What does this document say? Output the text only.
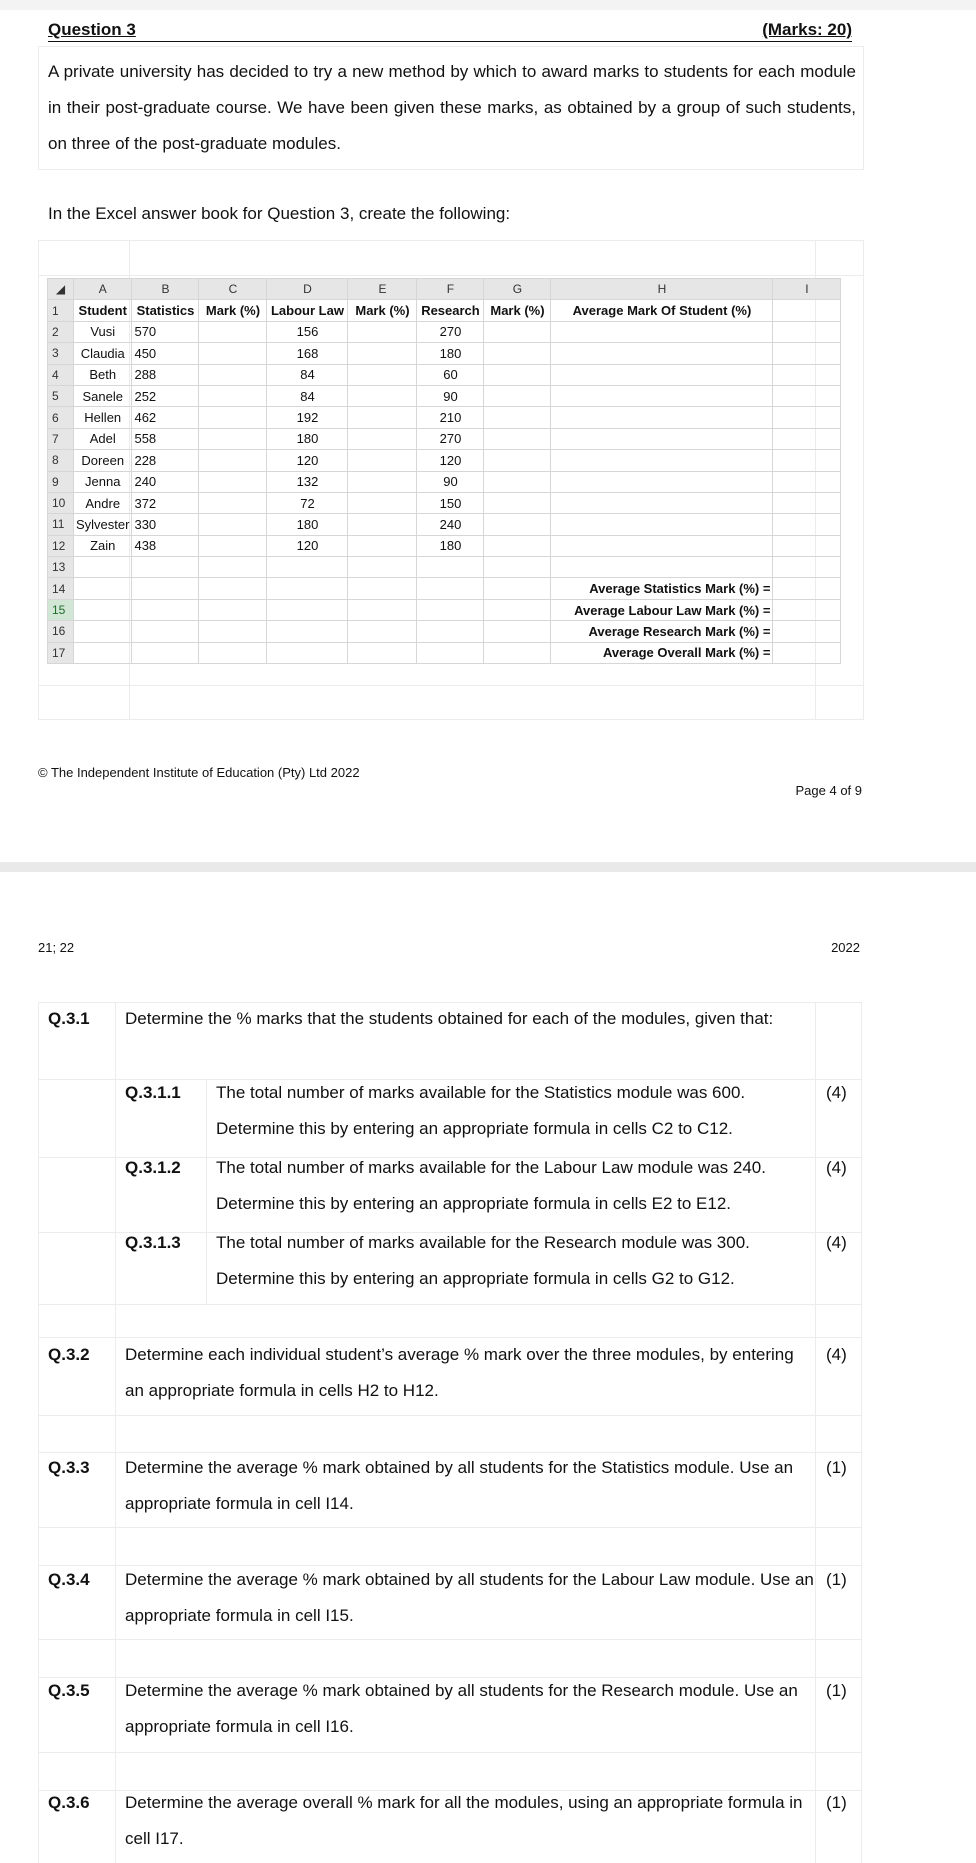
Question 3	(Marks: 20)

A private university has decided to try a new method by which to award marks to students for each module in their post-graduate course. We have been given these marks, as obtained by a group of such students, on three of the post-graduate modules.

In the Excel answer book for Question 3, create the following:

◢	A	B	C	D	E	F	G	H	I
1	Student	Statistics	Mark (%)	Labour Law	Mark (%)	Research	Mark (%)	Average Mark Of Student (%)	
2	Vusi	570		156		270			
3	Claudia	450		168		180			
4	Beth	288		84		60			
5	Sanele	252		84		90			
6	Hellen	462		192		210			
7	Adel	558		180		270			
8	Doreen	228		120		120			
9	Jenna	240		132		90			
10	Andre	372		72		150			
11	Sylvester	330		180		240			
12	Zain	438		120		180			
13									
14								Average Statistics Mark (%) =	
15								Average Labour Law Mark (%) =	
16								Average Research Mark (%) =	
17								Average Overall Mark (%) =	

© The Independent Institute of Education (Pty) Ltd 2022

Page 4 of 9

21; 22	2022

Q.3.1 Determine the % marks that the students obtained for each of the modules, given that:

Q.3.1.1 The total number of marks available for the Statistics module was 600. Determine this by entering an appropriate formula in cells C2 to C12.

(4)
Q.3.1.2 The total number of marks available for the Labour Law module was 240. Determine this by entering an appropriate formula in cells E2 to E12.

(4)
Q.3.1.3 The total number of marks available for the Research module was 300. Determine this by entering an appropriate formula in cells G2 to G12.

(4)
Q.3.2 Determine each individual student’s average % mark over the three modules, by entering an appropriate formula in cells H2 to H12.

(4)
Q.3.3 Determine the average % mark obtained by all students for the Statistics module. Use an appropriate formula in cell I14.

(1)
Q.3.4 Determine the average % mark obtained by all students for the Labour Law module. Use an appropriate formula in cell I15.

(1)
Q.3.5 Determine the average % mark obtained by all students for the Research module. Use an appropriate formula in cell I16.

(1)
Q.3.6 Determine the average overall % mark for all the modules, using an appropriate formula in cell I17.

(1)
